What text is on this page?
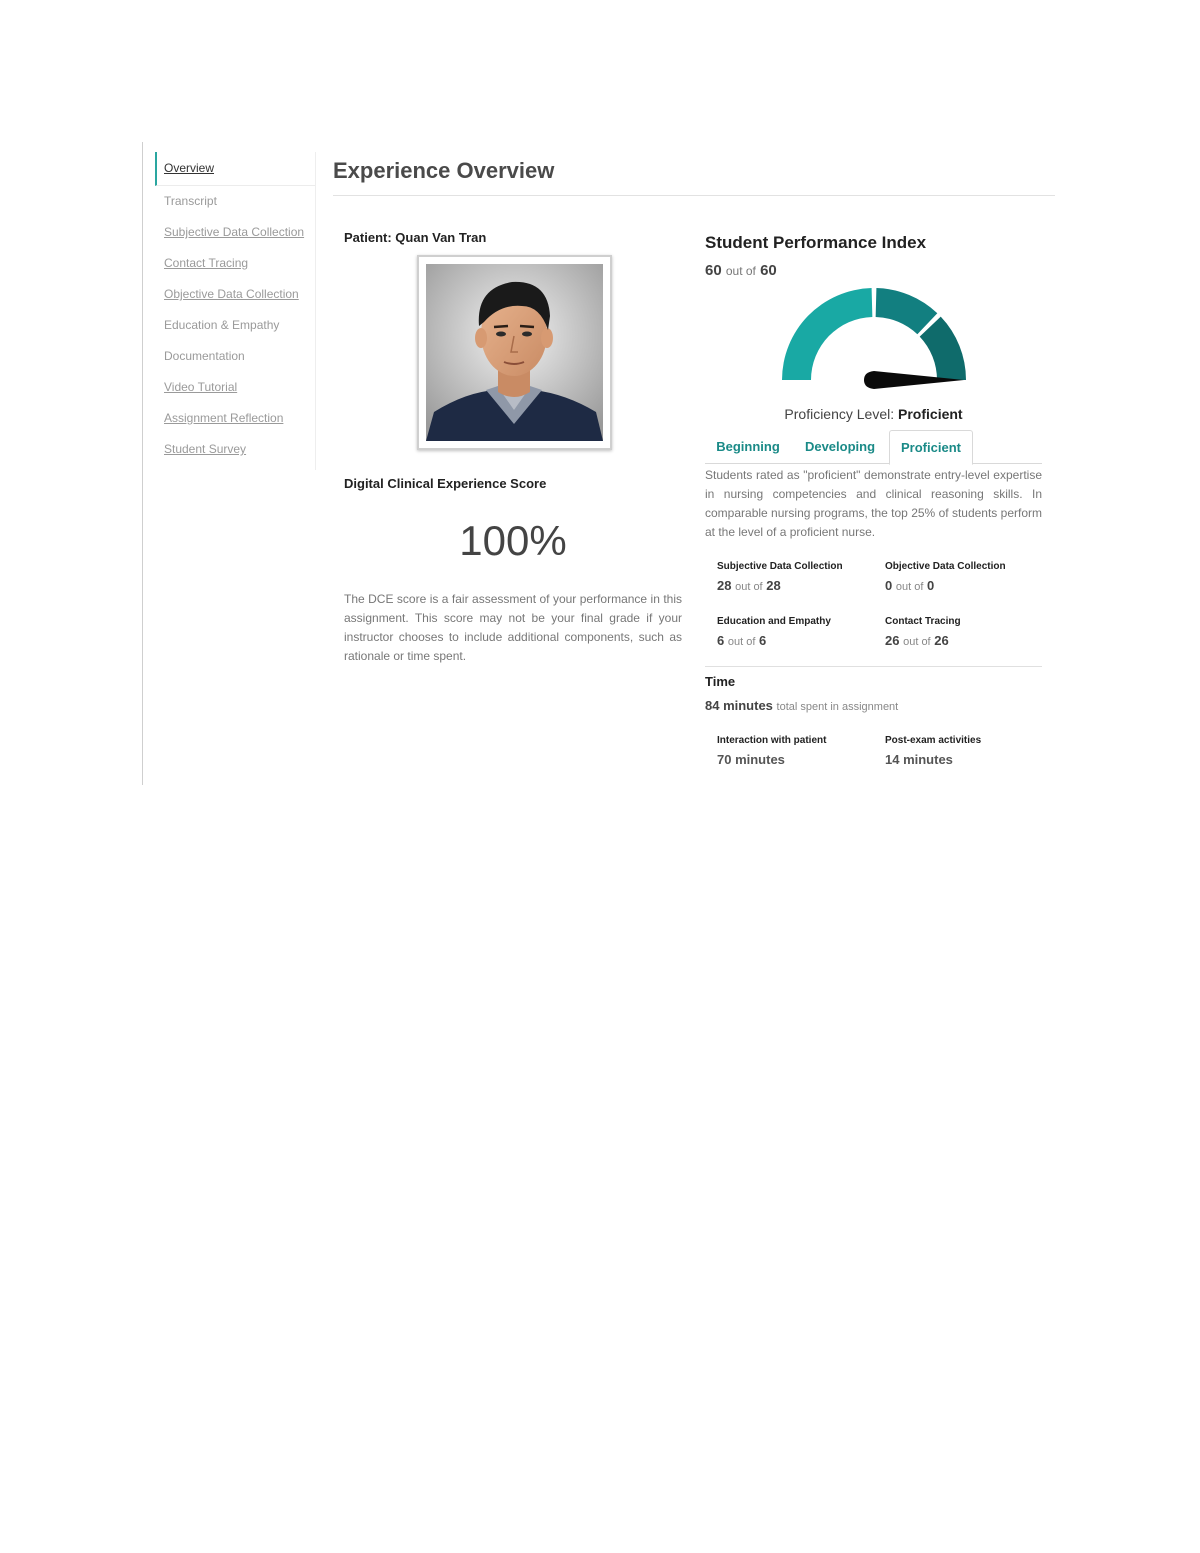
Overview
Transcript
Subjective Data Collection
Contact Tracing
Objective Data Collection
Education & Empathy
Documentation
Video Tutorial
Assignment Reflection
Student Survey
Experience Overview
Patient: Quan Van Tran
Digital Clinical Experience Score
100%
The DCE score is a fair assessment of your performance in this assignment. This score may not be your final grade if your instructor chooses to include additional components, such as rationale or time spent.
Student Performance Index
60 out of 60
Proficiency Level: Proficient
Beginning	Developing	Proficient
Students rated as "proficient" demonstrate entry-level expertise in nursing competencies and clinical reasoning skills. In comparable nursing programs, the top 25% of students perform at the level of a proficient nurse.
Subjective Data Collection
28 out of 28
Objective Data Collection
0 out of 0
Education and Empathy
6 out of 6
Contact Tracing
26 out of 26
Time
84 minutes total spent in assignment
Interaction with patient
70 minutes
Post-exam activities
14 minutes
